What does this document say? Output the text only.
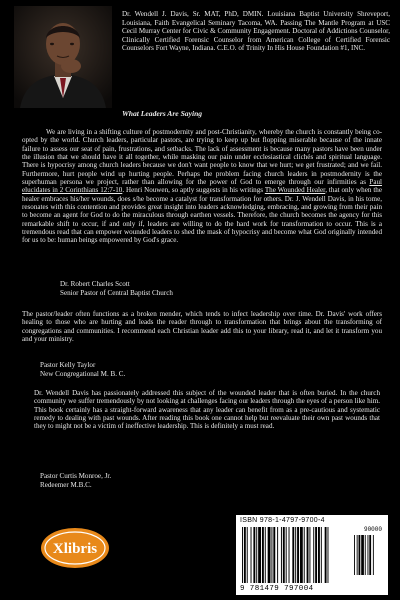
Dr. Wendell J. Davis, Sr. MAT, PhD, DMIN. Louisiana Baptist University Shreveport, Louisiana, Faith Evangelical Seminary Tacoma, WA. Passing The Mantle Program at USC Cecil Murray Center for Civic & Community Engagement. Doctoral of Addictions Counselor, Clinically Certified Forensic Counselor from American College of Certified Forensic Counselors Fort Wayne, Indiana. C.E.O. of Trinity In His House Foundation #1, INC.

What Leaders Are Saying

We are living in a shifting culture of postmodernity and post-Christianity, whereby the church is constantly being co-opted by the world. Church leaders, particular pastors, are trying to keep up but flopping miserable because of the innate failure to assess our seat of pain, frustrations, and setbacks. The lack of assessment is because many pastors have been under the illusion that we should have it all together, while masking our pain under ecclesiastical clichés and spiritual language. There is hypocrisy among church leaders because we don't want people to know that we hurt; we get frustrated; and we fail. Furthermore, hurt people wind up hurting people. Perhaps the problem facing church leaders in postmodernity is the superhuman persona we project, rather than allowing for the power of God to emerge through our infirmities as Paul elucidates in 2 Corinthians 12:7-10. Henri Nouwen, so aptly suggests in his writings The Wounded Healer, that only when the healer embraces his/her wounds, does s/he become a catalyst for transformation for others. Dr. J. Wendell Davis, in his tome, resonates with this contention and provides great insight into leaders acknowledging, embracing, and growing from their pain to become an agent for God to do the miraculous through earthen vessels. Therefore, the church becomes the agency for this remarkable shift to occur, if and only if, leaders are willing to do the hard work for transformation to occur. This is a tremendous read that can empower wounded leaders to shed the mask of hypocrisy and become what God originally intended for us to be: human beings empowered by God's grace.

Dr. Robert Charles Scott
Senior Pastor of Central Baptist Church

The pastor/leader often functions as a broken mender, which tends to infect leadership over time. Dr. Davis' work offers healing to those who are hurting and leads the reader through to transformation that brings about the transforming of congregations and communities. I recommend each Christian leader add this to your library, read it, and let it transform you and your ministry.

Pastor Kelly Taylor
New Congregational M. B. C.

Dr. Wendell Davis has passionately addressed this subject of the wounded leader that is often buried. In the church community we suffer tremendously by not looking at challenges facing our leaders through the eyes of a person like him. This book certainly has a straight-forward awareness that any leader can benefit from as a pre-cautious and systematic remedy to dealing with past wounds. After reading this book one cannot help but reevaluate their own past wounds that they to might not be a victim of ineffective leadership. This is definitely a must read.

Pastor Curtis Monroe, Jr.
Redeemer M.B.C.
Xlibris
ISBN 978-1-4797-9700-4
90000
9 781479 797004
